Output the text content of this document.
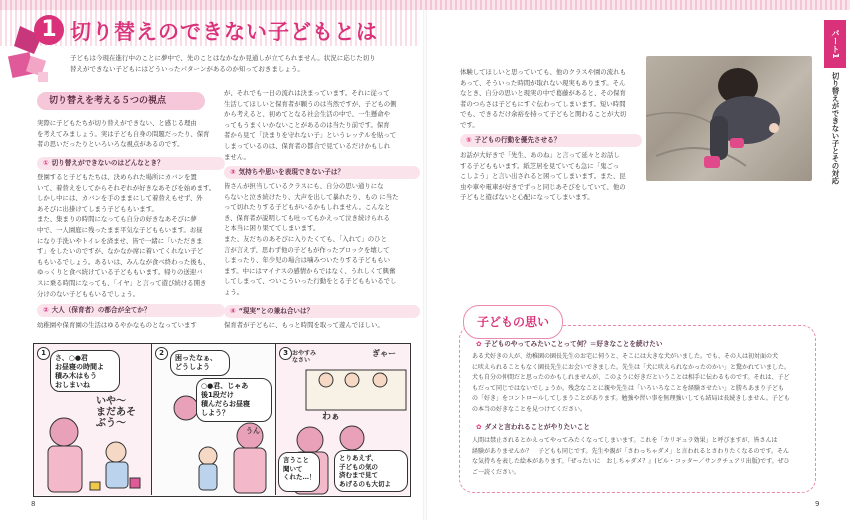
1 切り替えのできない子どもとは
子どもは今現在進行中のことに夢中で、先のことはなかなか見通しが立てられません。状況に応じた切り
替えができない子どもにはどういったパターンがあるのか知っておきましょう。
切り替えを考える５つの視点
実際に子どもたちが切り替えができない、と感じる理由
を考えてみましょう。実は子ども自身の問題だったり、保育
者の思いだったりといろいろな視点があるのです。
① 切り替えができないのはどんなとき？
登園すると子どもたちは、決められた場所にカバンを置
いて、着替えをしてからそれぞれが好きなあそびを始めます。
しかし中には、カバンを手のままにして着替えもせず、外
あそびに出掛けてしまう子どももいます。
また、集まりの時間になっても自分の好きなあそびに夢
中で、一人園庭に残ったまま平気な子どももいます。お昼
になり手洗いやトイレを済ませ、皆で一緒に「いただきま
す」をしたいのですが、なかなか席に着いてくれない子ど
ももいるでしょう。あるいは、みんなが食べ終わった後も、
ゆっくりと食べ続けている子どももいます。帰りの送迎バ
スに乗る時間になっても、「イヤ」と言って遊び続ける開き
分けのない子どももいるでしょう。
② 大人（保育者）の都合が全てか？
幼稚園や保育園の生活はゆるやかなものとなっています
が、それでも一日の流れは決まっています。それに従って
生活してほしいと保育者が願うのは当然ですが、子どもの側
から考えると、初めてとなる社会生活の中で、一生懸命や
ってもうまくいかないことがあるのは当たり前です。保育
者から見て「決まりを守れない子」というレッテルを貼って
しまっているのは、保育者の都合で見ているだけかもしれ
ません。
③ 気持ちや思いを表現できない子は？
皆さんが担当しているクラスにも、自分の思い通りにな
らないと泣き続けたり、大声を出して暴れたり、もの に当た
って切れたりする子どもがいるかもしれません。こんなと
き、保育者が説明しても吐ってもかえって泣き続けられる
と本当に困り果ててしまいます。
また、友だちのあそびに入りたくても、「入れて」のひと
言が言えず、思わず他の子どもが作ったブロックを壊して
しまったり、年少児の場合は噛みついたりする子どももい
ます。中にはマイナスの感情からではなく、うれしくて興奮
してしまって、ついこういった行動をとる子どももいるでし
ょう。
④ “現実”との兼ね合いは？
保育者が子どもに、もっと時間を取って遊んでほしい。
1
さ、○●君
お昼寝の時間よ
積み木はもう
おしまいね
いや～
まだあそ
ぶう～
2
困ったなぁ、
どうしよう
○●君、じゃあ
後1段だけ
積んだらお昼寝
しよう？
うん
3 おやすみ
なさい
ぎゃー
わぁ
言うこと
聞いて
くれた…！
とりあえず、
子どもの気の
済むまで見て
あげるのも大切よ
8
体験してほしいと思っていても、他のクラスや園の流れも
あって、そういった時間が取れない現実もあります。そん
なとき、自分の思いと現実の中で葛藤があると、その保育
者のつらさは子どもにすぐ伝わってしまいます。短い時間
でも、できるだけ余裕を持って子どもと関わることが大切
です。
⑤ 子どもの行動を優先させる？
お話が大好きで「先生、あのね」と言って延々とお話し
する子どももいます。紙芝居を見ていても急に「鬼ごっ
こしよう」と言い出されると困ってしまいます。また、昆
虫や車や電車が好きでずっと同じあそびをしていて、他の
子どもと遊ばないと心配になってしまいます。
パート1
切り替えができない子とその対応
子どもの思い
✿ 子どものやってみたいことって何？＝好きなことを続けたい
ある犬好きの人が、幼稚園の園長先生のお宅に伺うと、そこには大きな犬がいました。でも、その人は初対面の犬
に吠えられることもなく園長先生にお会いできました。先生は「犬に吠えられなかったのかい」と驚かれていました。
犬も自分の仲間だと思ったのかもしれませんが、このように好きだということは相手に伝わるものです。それは、子ど
もだって同じではないでしょうか。残念なことに親や先生は「いろいろなことを経験させたい」と勝ちあまり子ども
の「好き」をコントロールしてしまうことがあります。勉強や習い事を無理強いしても結局は長続きしません。子ども
の本当の好きなことを見つけてください。
✿ ダメと言われることがやりたいこと
人間は禁止されるとかえってやってみたくなってしまいます。これを「カリギュラ効果」と呼びますが、皆さんは
経験がありませんか？　子どもも同じです。先生や親が「さわっちゃダメ」と言われるとさわりたくなるのです。そん
な気持ちを表した絵本があります。『ぜったいに　おしちゃダメ？』(ビル・コッター／サンクチュアリ出版)です。ぜひ
ご一読ください。
9
